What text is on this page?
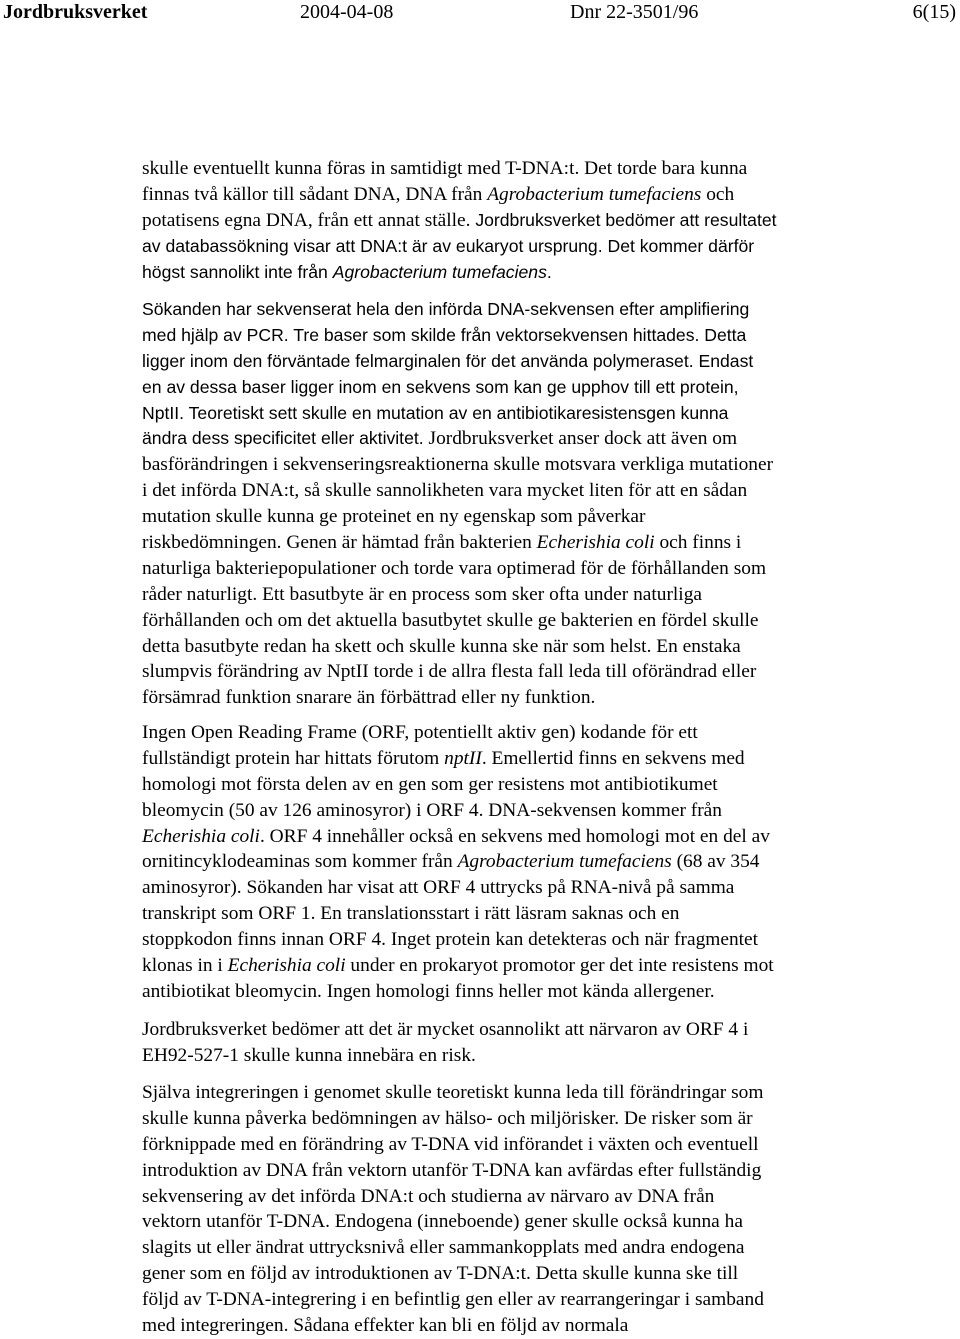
Jordbruksverket	2004-04-08	Dnr 22-3501/96	6(15)
skulle eventuellt kunna föras in samtidigt med T-DNA:t. Det torde bara kunna
finnas två källor till sådant DNA, DNA från Agrobacterium tumefaciens och
potatisens egna DNA, från ett annat ställe. Jordbruksverket bedömer att resultatet
av databassökning visar att DNA:t är av eukaryot ursprung. Det kommer därför
högst sannolikt inte från Agrobacterium tumefaciens.
Sökanden har sekvenserat hela den införda DNA-sekvensen efter amplifiering
med hjälp av PCR. Tre baser som skilde från vektorsekvensen hittades. Detta
ligger inom den förväntade felmarginalen för det använda polymeraset. Endast
en av dessa baser ligger inom en sekvens som kan ge upphov till ett protein,
NptII. Teoretiskt sett skulle en mutation av en antibiotikaresistensgen kunna
ändra dess specificitet eller aktivitet. Jordbruksverket anser dock att även om
basförändringen i sekvenseringsreaktionerna skulle motsvara verkliga mutationer
i det införda DNA:t, så skulle sannolikheten vara mycket liten för att en sådan
mutation skulle kunna ge proteinet en ny egenskap som påverkar
riskbedömningen. Genen är hämtad från bakterien Echerishia coli och finns i
naturliga bakteriepopulationer och torde vara optimerad för de förhållanden som
råder naturligt. Ett basutbyte är en process som sker ofta under naturliga
förhållanden och om det aktuella basutbytet skulle ge bakterien en fördel skulle
detta basutbyte redan ha skett och skulle kunna ske när som helst. En enstaka
slumpvis förändring av NptII torde i de allra flesta fall leda till oförändrad eller
försämrad funktion snarare än förbättrad eller ny funktion.
Ingen Open Reading Frame (ORF, potentiellt aktiv gen) kodande för ett
fullständigt protein har hittats förutom nptII. Emellertid finns en sekvens med
homologi mot första delen av en gen som ger resistens mot antibiotikumet
bleomycin (50 av 126 aminosyror) i ORF 4. DNA-sekvensen kommer från
Echerishia coli. ORF 4 innehåller också en sekvens med homologi mot en del av
ornitincyklodeaminas som kommer från Agrobacterium tumefaciens (68 av 354
aminosyror). Sökanden har visat att ORF 4 uttrycks på RNA-nivå på samma
transkript som ORF 1. En translationsstart i rätt läsram saknas och en
stoppkodon finns innan ORF 4. Inget protein kan detekteras och när fragmentet
klonas in i Echerishia coli under en prokaryot promotor ger det inte resistens mot
antibiotikat bleomycin. Ingen homologi finns heller mot kända allergener.
Jordbruksverket bedömer att det är mycket osannolikt att närvaron av ORF 4 i
EH92-527-1 skulle kunna innebära en risk.
Själva integreringen i genomet skulle teoretiskt kunna leda till förändringar som
skulle kunna påverka bedömningen av hälso- och miljörisker. De risker som är
förknippade med en förändring av T-DNA vid införandet i växten och eventuell
introduktion av DNA från vektorn utanför T-DNA kan avfärdas efter fullständig
sekvensering av det införda DNA:t och studierna av närvaro av DNA från
vektorn utanför T-DNA. Endogena (inneboende) gener skulle också kunna ha
slagits ut eller ändrat uttrycksnivå eller sammankopplats med andra endogena
gener som en följd av introduktionen av T-DNA:t. Detta skulle kunna ske till
följd av T-DNA-integrering i en befintlig gen eller av rearrangeringar i samband
med integreringen. Sådana effekter kan bli en följd av normala
